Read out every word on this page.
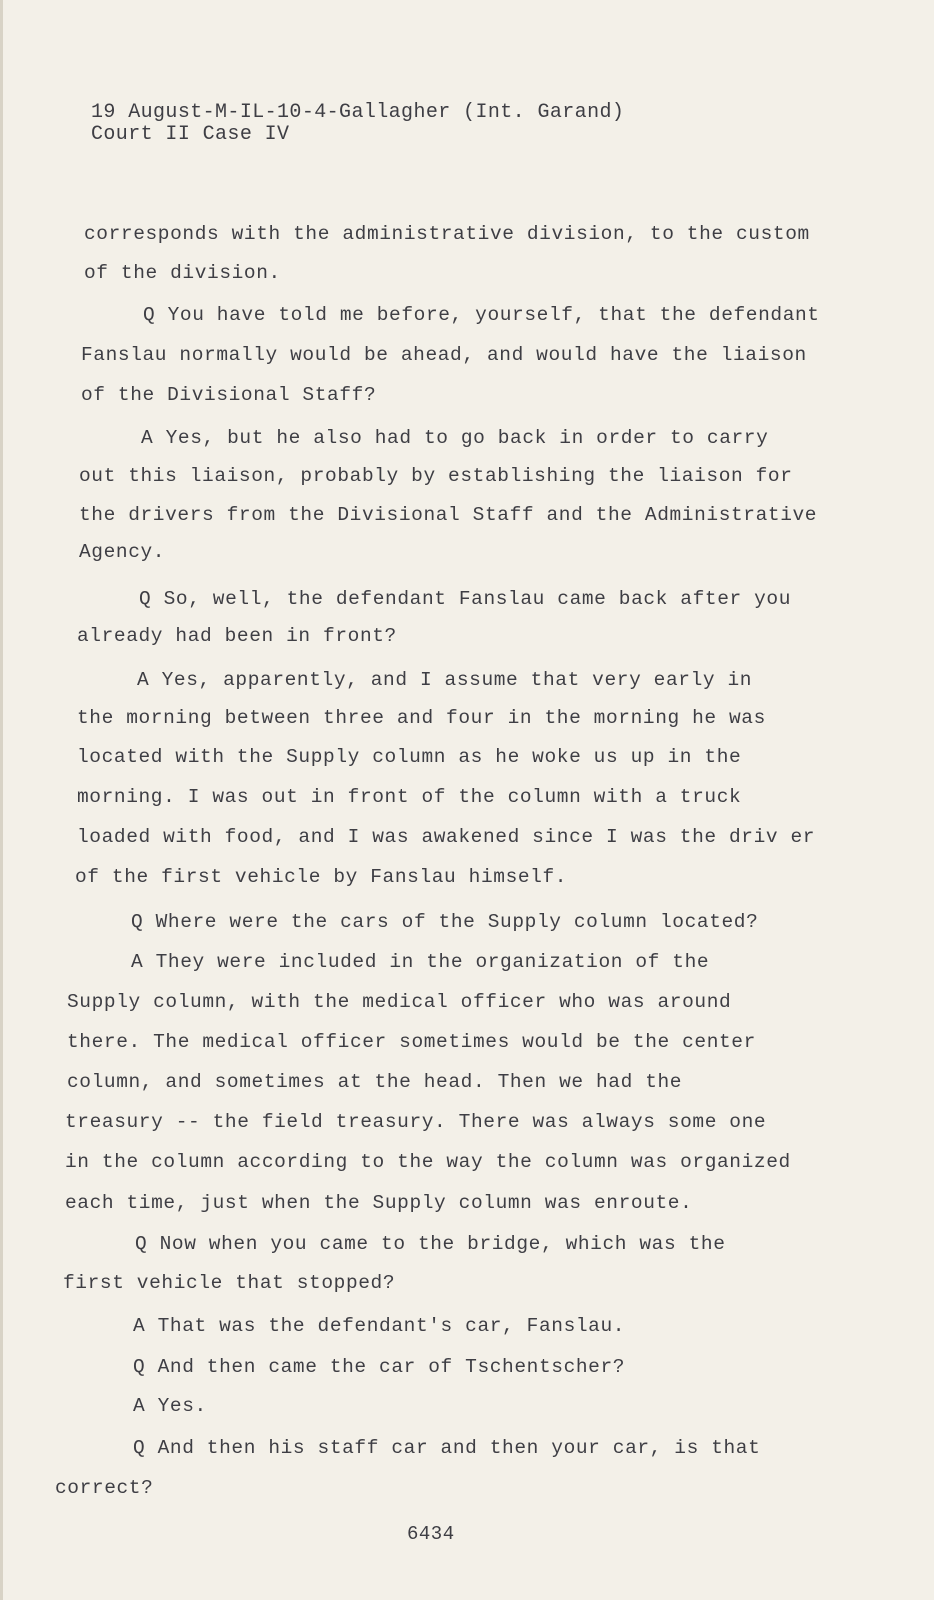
19 August-M-IL-10-4-Gallagher (Int. Garand)
Court II Case IV
corresponds with the administrative division, to the custom
of the division.
Q You have told me before, yourself, that the defendant
Fanslau normally would be ahead, and would have the liaison
of the Divisional Staff?
A Yes, but he also had to go back in order to carry
out this liaison, probably by establishing the liaison for
the drivers from the Divisional Staff and the Administrative
Agency.
Q So, well, the defendant Fanslau came back after you
already had been in front?
A Yes, apparently, and I assume that very early in
the morning between three and four in the morning he was
located with the Supply column as he woke us up in the
morning. I was out in front of the column with a truck
loaded with food, and I was awakened since I was the driv er
of the first vehicle by Fanslau himself.
Q Where were the cars of the Supply column located?
A They were included in the organization of the
Supply column, with the medical officer who was around
there. The medical officer sometimes would be the center
column, and sometimes at the head. Then we had the
treasury -- the field treasury. There was always some one
in the column according to the way the column was organized
each time, just when the Supply column was enroute.
Q Now when you came to the bridge, which was the
first vehicle that stopped?
A That was the defendant's car, Fanslau.
Q And then came the car of Tschentscher?
A Yes.
Q And then his staff car and then your car, is that
correct?
6434
